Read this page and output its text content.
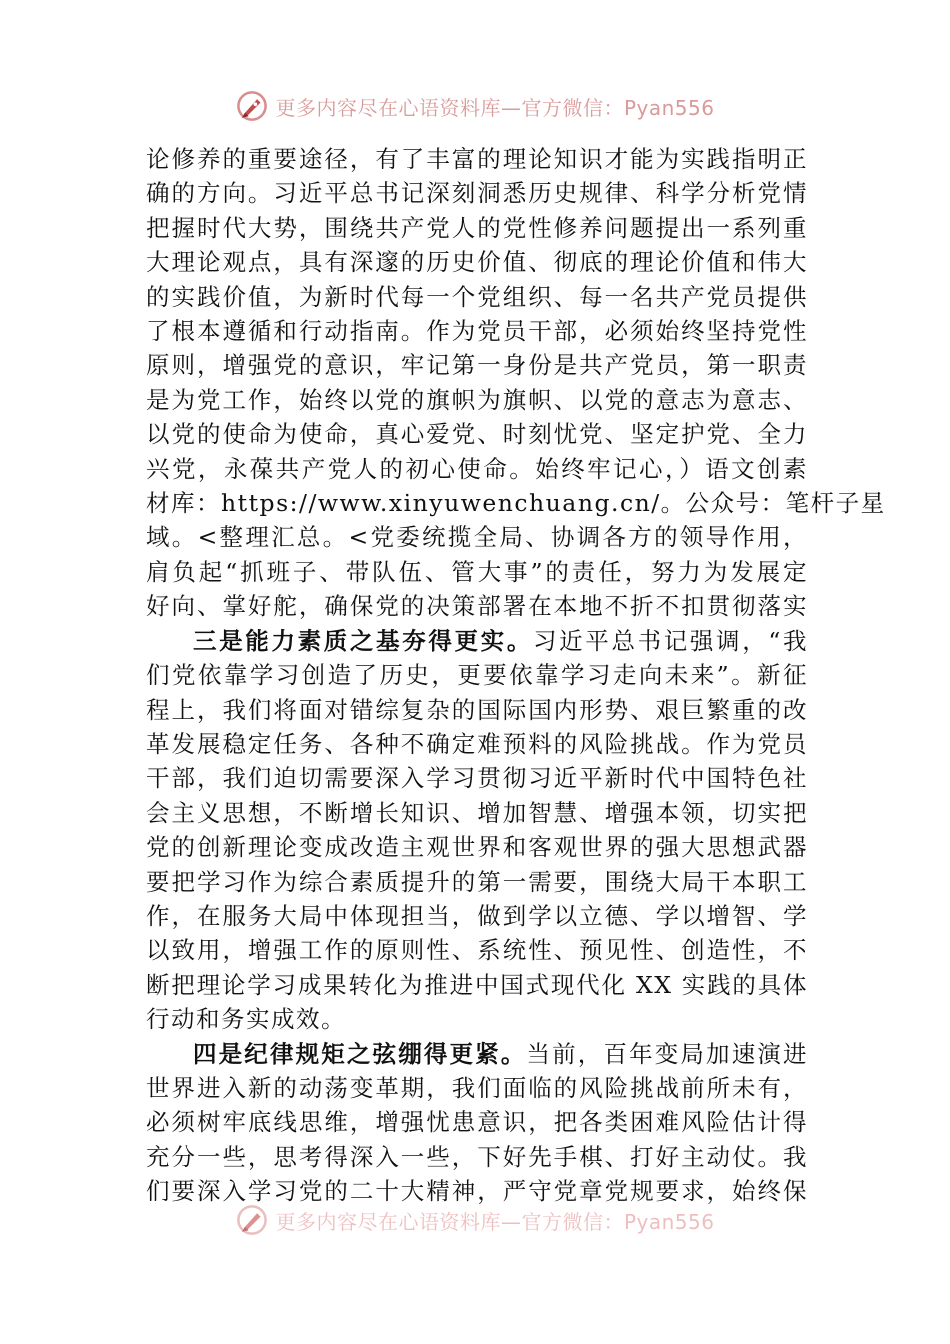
更多内容尽在心语资料库—官方微信：Pyan556

论修养的重要途径，有了丰富的理论知识才能为实践指明正
确的方向。习近平总书记深刻洞悉历史规律、科学分析党情
把握时代大势，围绕共产党人的党性修养问题提出一系列重
大理论观点，具有深邃的历史价值、彻底的理论价值和伟大
的实践价值，为新时代每一个党组织、每一名共产党员提供
了根本遵循和行动指南。作为党员干部，必须始终坚持党性
原则，增强党的意识，牢记第一身份是共产党员，第一职责
是为党工作，始终以党的旗帜为旗帜、以党的意志为意志、
以党的使命为使命，真心爱党、时刻忧党、坚定护党、全力
兴党，永葆共产党人的初心使命。始终牢记心，）语文创素
材库：https://www.xinyuwenchuang.cn/。公众号：笔杆子星
域。<整理汇总。<党委统揽全局、协调各方的领导作用，
肩负起“抓班子、带队伍、管大事”的责任，努力为发展定
好向、掌好舵，确保党的决策部署在本地不折不扣贯彻落实

三是能力素质之基夯得更实。习近平总书记强调，“我
们党依靠学习创造了历史，更要依靠学习走向未来”。新征
程上，我们将面对错综复杂的国际国内形势、艰巨繁重的改
革发展稳定任务、各种不确定难预料的风险挑战。作为党员
干部，我们迫切需要深入学习贯彻习近平新时代中国特色社
会主义思想，不断增长知识、增加智慧、增强本领，切实把
党的创新理论变成改造主观世界和客观世界的强大思想武器
要把学习作为综合素质提升的第一需要，围绕大局干本职工
作，在服务大局中体现担当，做到学以立德、学以增智、学
以致用，增强工作的原则性、系统性、预见性、创造性，不
断把理论学习成果转化为推进中国式现代化 XX 实践的具体
行动和务实成效。

四是纪律规矩之弦绷得更紧。当前，百年变局加速演进
世界进入新的动荡变革期，我们面临的风险挑战前所未有，
必须树牢底线思维，增强忧患意识，把各类困难风险估计得
充分一些，思考得深入一些，下好先手棋、打好主动仗。我
们要深入学习党的二十大精神，严守党章党规要求，始终保

更多内容尽在心语资料库—官方微信：Pyan556
